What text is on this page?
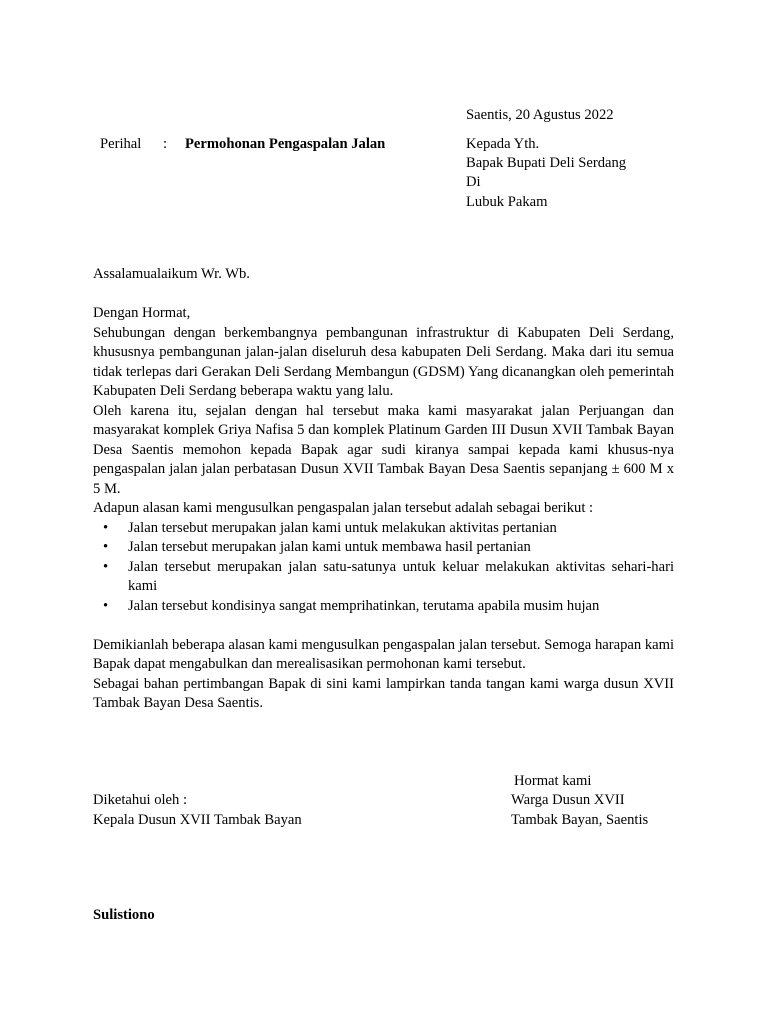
Saentis, 20 Agustus 2022
Perihal : Permohonan Pengaspalan Jalan	Kepada Yth.
Bapak Bupati Deli Serdang
Di
Lubuk Pakam

Assalamualaikum Wr. Wb.

Dengan Hormat,

Sehubungan dengan berkembangnya pembangunan infrastruktur di Kabupaten Deli Serdang, khususnya pembangunan jalan-jalan diseluruh desa kabupaten Deli Serdang. Maka dari itu semua tidak terlepas dari Gerakan Deli Serdang Membangun (GDSM) Yang dicanangkan oleh pemerintah Kabupaten Deli Serdang beberapa waktu yang lalu.

Oleh karena itu, sejalan dengan hal tersebut maka kami masyarakat jalan Perjuangan dan masyarakat komplek Griya Nafisa 5 dan komplek Platinum Garden III Dusun XVII Tambak Bayan Desa Saentis memohon kepada Bapak agar sudi kiranya sampai kepada kami khusus-nya pengaspalan jalan jalan perbatasan Dusun XVII Tambak Bayan Desa Saentis sepanjang ± 600 M x 5 M.

Adapun alasan kami mengusulkan pengaspalan jalan tersebut adalah sebagai berikut :

• Jalan tersebut merupakan jalan kami untuk melakukan aktivitas pertanian
• Jalan tersebut merupakan jalan kami untuk membawa hasil pertanian
• Jalan tersebut merupakan jalan satu-satunya untuk keluar melakukan aktivitas sehari-hari kami
• Jalan tersebut kondisinya sangat memprihatinkan, terutama apabila musim hujan

Demikianlah beberapa alasan kami mengusulkan pengaspalan jalan tersebut. Semoga harapan kami Bapak dapat mengabulkan dan merealisasikan permohonan kami tersebut.

Sebagai bahan pertimbangan Bapak di sini kami lampirkan tanda tangan kami warga dusun XVII Tambak Bayan Desa Saentis.

Hormat kami
Diketahui oleh :	Warga Dusun XVII
Kepala Dusun XVII Tambak Bayan	Tambak Bayan, Saentis
Sulistiono
